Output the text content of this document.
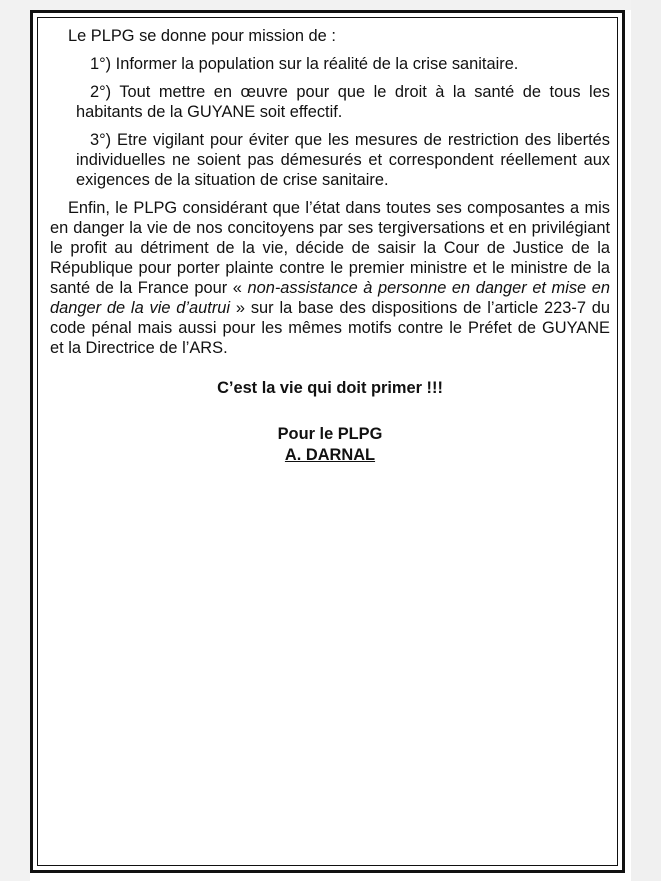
Le PLPG se donne pour mission de :

1°) Informer la population sur la réalité de la crise sanitaire.

2°) Tout mettre en œuvre pour que le droit à la santé de tous les habitants de la GUYANE soit effectif.

3°) Etre vigilant pour éviter que les mesures de restriction des libertés individuelles ne soient pas démesurés et correspondent réellement aux exigences de la situation de crise sanitaire.

Enfin, le PLPG considérant que l’état dans toutes ses composantes a mis en danger la vie de nos concitoyens par ses tergiversations et en privilégiant le profit au détriment de la vie, décide de saisir la Cour de Justice de la République pour porter plainte contre le premier ministre et le ministre de la santé de la France pour « non-assistance à personne en danger et mise en danger de la vie d’autrui » sur la base des dispositions de l’article 223-7 du code pénal mais aussi pour les mêmes motifs contre le Préfet de GUYANE et la Directrice de l’ARS.

C’est la vie qui doit primer !!!

Pour le PLPG
A. DARNAL
